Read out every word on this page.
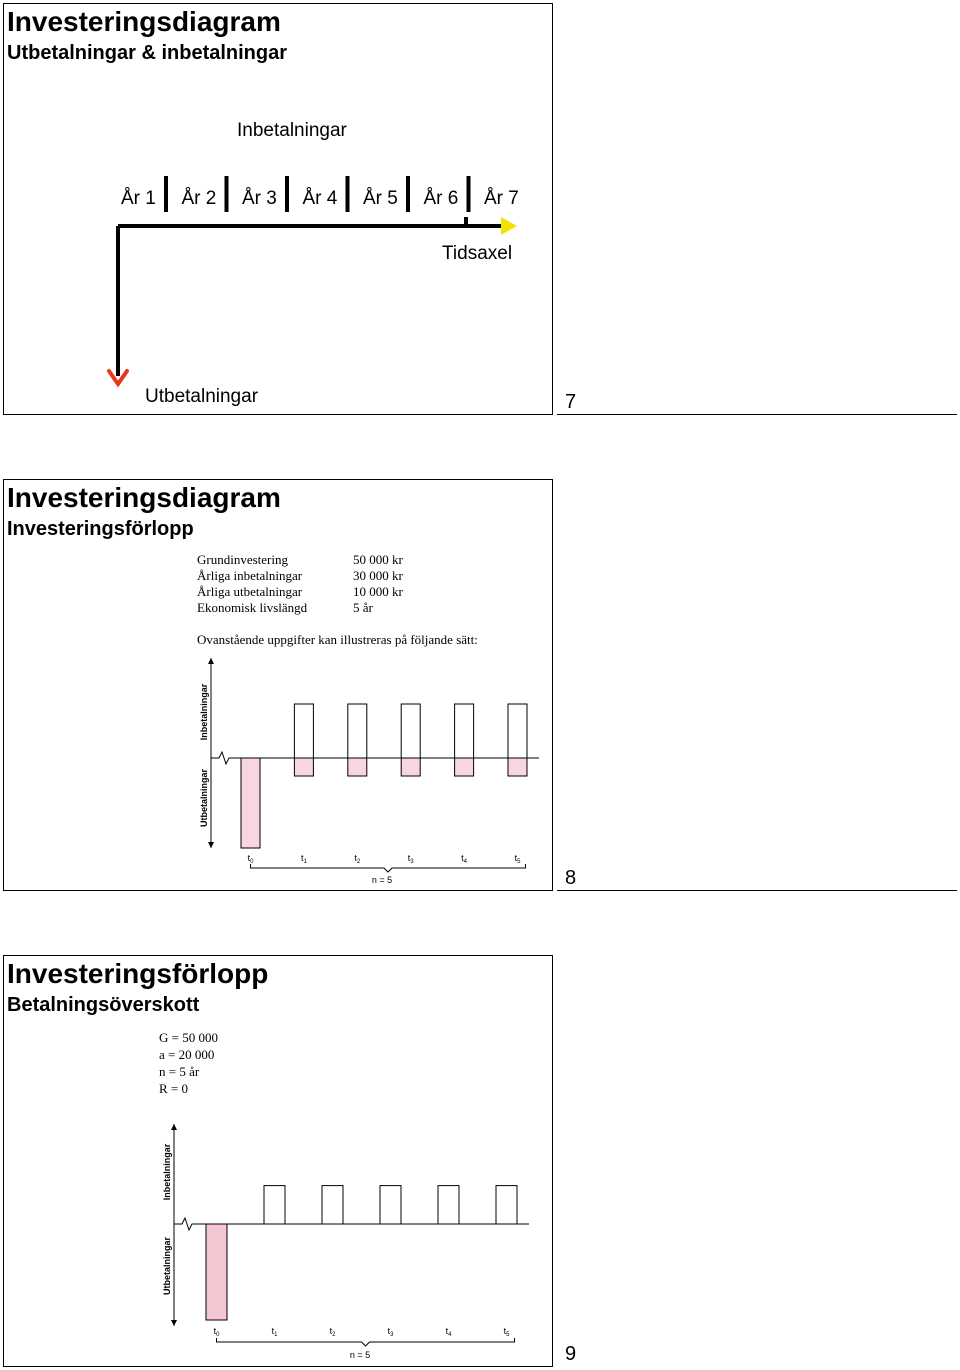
Investeringsdiagram
Utbetalningar & inbetalningar
Inbetalningar
Tidsaxel
Utbetalningar
År 1 År 2 År 3 År 4 År 5 År 6 År 7
7
Investeringsdiagram
Investeringsförlopp
Grundinvestering	50 000 kr
Årliga inbetalningar	30 000 kr
Årliga utbetalningar	10 000 kr
Ekonomisk livslängd	5 år
Ovanstående uppgifter kan illustreras på följande sätt:
Inbetalningar
Utbetalningar
$t_0$	$t_1$	$t_2$	$t_3$	$t_4$	$t_5$
n = 5	8
Investeringsförlopp
Betalningsöverskott
G = 50 000
a = 20 000
n = 5 år
R = 0
Inbetalningar
Utbetalningar
$t_0$	$t_1$	$t_2$	$t_3$	$t_4$	$t_5$
n = 5	9
